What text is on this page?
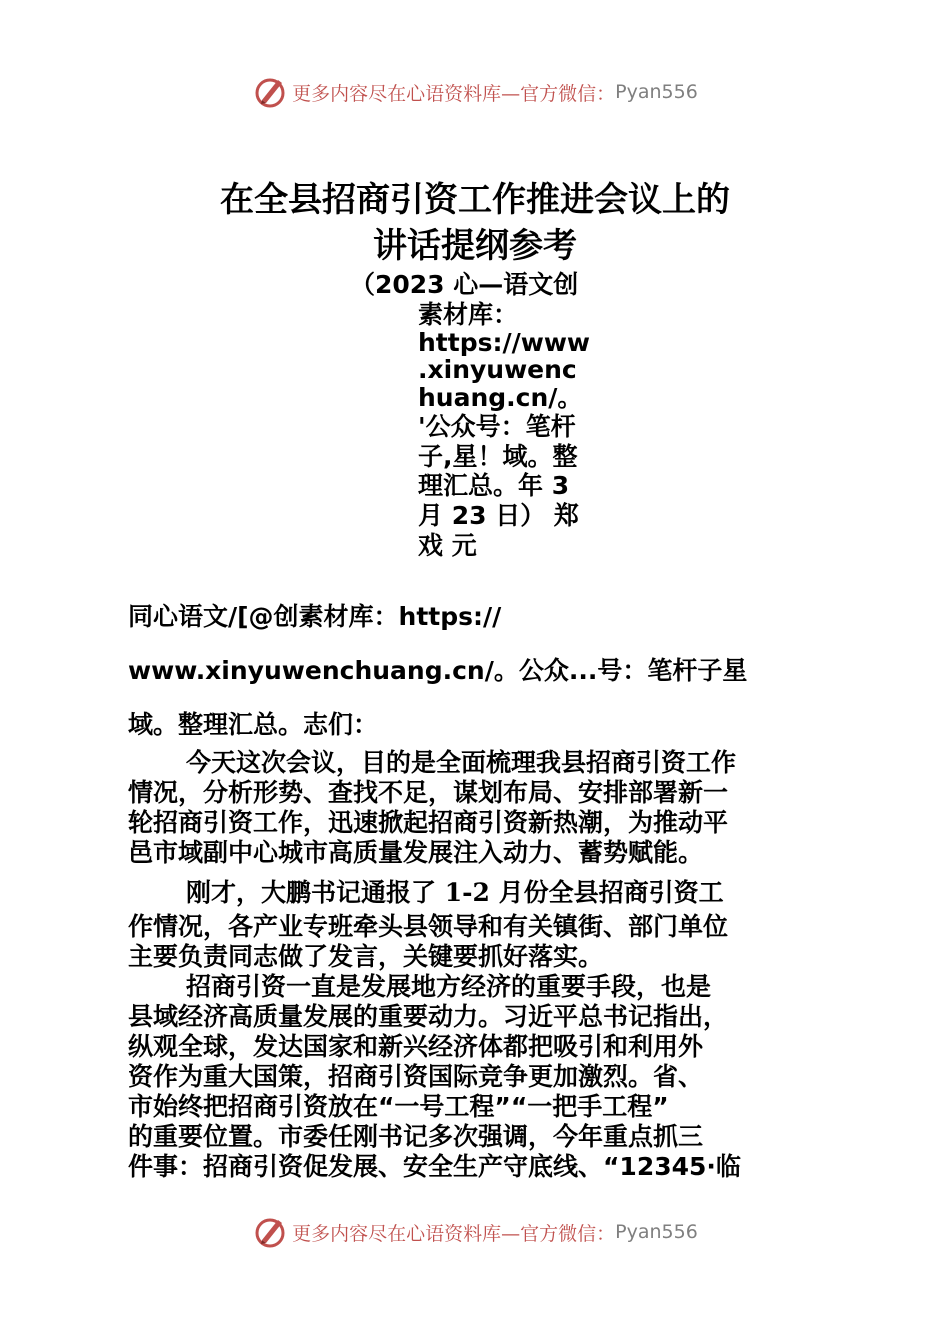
更多内容尽在心语资料库—官方微信： Pyan556
在全县招商引资工作推进会议上的
讲话提纲参考
（2023 心—语文创
素材库：
https://www
.xinyuwenc
huang.cn/。
'公众号：笔杆
子,星！域。整
理汇总。年 3
月 23 日） 郑
戏 元
同心语文/[@创素材库：https://
www.xinyuwenchuang.cn/。公众...号：笔杆子星
域。整理汇总。志们：
今天这次会议，目的是全面梳理我县招商引资工作
情况，分析形势、查找不足，谋划布局、安排部署新一
轮招商引资工作，迅速掀起招商引资新热潮，为推动平
邑市域副中心城市高质量发展注入动力、蓄势赋能。
刚才，大鹏书记通报了 1-2 月份全县招商引资工
作情况，各产业专班牵头县领导和有关镇街、部门单位
主要负责同志做了发言，关键要抓好落实。
招商引资一直是发展地方经济的重要手段，也是
县域经济高质量发展的重要动力。习近平总书记指出，
纵观全球，发达国家和新兴经济体都把吸引和利用外
资作为重大国策，招商引资国际竞争更加激烈。省、
市始终把招商引资放在“一号工程”“一把手工程”
的重要位置。市委任刚书记多次强调，今年重点抓三
件事：招商引资促发展、安全生产守底线、“12345·临
更多内容尽在心语资料库—官方微信： Pyan556
